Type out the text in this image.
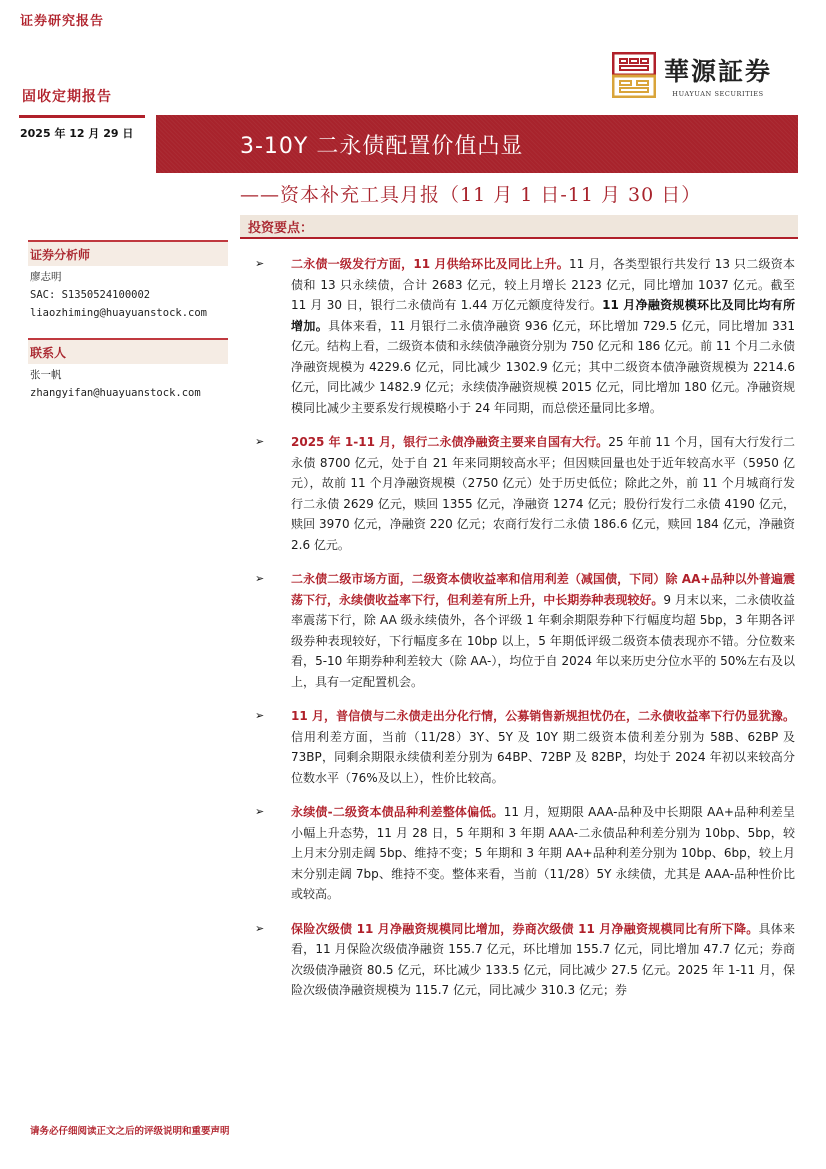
证券研究报告
固收定期报告
華源証券
HUAYUAN SECURITIES
2025 年 12 月 29 日
3-10Y 二永债配置价值凸显
——资本补充工具月报（11 月 1 日-11 月 30 日）
投资要点：
证券分析师
廖志明
SAC: S1350524100002
liaozhiming@huayuanstock.com
联系人
张一帆
zhangyifan@huayuanstock.com
➢ 二永债一级发行方面，11 月供给环比及同比上升。11 月，各类型银行共发行 13 只二级资本债和 13 只永续债，合计 2683 亿元，较上月增长 2123 亿元，同比增加 1037 亿元。截至 11 月 30 日，银行二永债尚有 1.44 万亿元额度待发行。11 月净融资规模环比及同比均有所增加。具体来看，11 月银行二永债净融资 936 亿元，环比增加 729.5 亿元，同比增加 331 亿元。结构上看，二级资本债和永续债净融资分别为 750 亿元和 186 亿元。前 11 个月二永债净融资规模为 4229.6 亿元，同比减少 1302.9 亿元；其中二级资本债净融资规模为 2214.6 亿元，同比减少 1482.9 亿元；永续债净融资规模 2015 亿元，同比增加 180 亿元。净融资规模同比减少主要系发行规模略小于 24 年同期，而总偿还量同比多增。
➢ 2025 年 1-11 月，银行二永债净融资主要来自国有大行。25 年前 11 个月，国有大行发行二永债 8700 亿元，处于自 21 年来同期较高水平；但因赎回量也处于近年较高水平（5950 亿元），故前 11 个月净融资规模（2750 亿元）处于历史低位；除此之外，前 11 个月城商行发行二永债 2629 亿元，赎回 1355 亿元，净融资 1274 亿元；股份行发行二永债 4190 亿元，赎回 3970 亿元，净融资 220 亿元；农商行发行二永债 186.6 亿元，赎回 184 亿元，净融资 2.6 亿元。
➢ 二永债二级市场方面，二级资本债收益率和信用利差（减国债，下同）除 AA+品种以外普遍震荡下行，永续债收益率下行，但利差有所上升，中长期券种表现较好。9 月末以来，二永债收益率震荡下行，除 AA 级永续债外，各个评级 1 年剩余期限券种下行幅度均超 5bp，3 年期各评级券种表现较好，下行幅度多在 10bp 以上，5 年期低评级二级资本债表现亦不错。分位数来看，5-10 年期券种利差较大（除 AA-），均位于自 2024 年以来历史分位水平的 50%左右及以上，具有一定配置机会。
➢ 11 月，普信债与二永债走出分化行情，公募销售新规担忧仍在，二永债收益率下行仍显犹豫。信用利差方面，当前（11/28）3Y、5Y 及 10Y 期二级资本债利差分别为 58B、62BP 及 73BP，同剩余期限永续债利差分别为 64BP、72BP 及 82BP，均处于 2024 年初以来较高分位数水平（76%及以上），性价比较高。
➢ 永续债-二级资本债品种利差整体偏低。11 月，短期限 AAA-品种及中长期限 AA+品种利差呈小幅上升态势，11 月 28 日，5 年期和 3 年期 AAA-二永债品种利差分别为 10bp、5bp，较上月末分别走阔 5bp、维持不变；5 年期和 3 年期 AA+品种利差分别为 10bp、6bp，较上月末分别走阔 7bp、维持不变。整体来看，当前（11/28）5Y 永续债，尤其是 AAA-品种性价比或较高。
➢ 保险次级债 11 月净融资规模同比增加，券商次级债 11 月净融资规模同比有所下降。具体来看，11 月保险次级债净融资 155.7 亿元，环比增加 155.7 亿元，同比增加 47.7 亿元；券商次级债净融资 80.5 亿元，环比减少 133.5 亿元，同比减少 27.5 亿元。2025 年 1-11 月，保险次级债净融资规模为 115.7 亿元，同比减少 310.3 亿元；券
请务必仔细阅读正文之后的评级说明和重要声明
